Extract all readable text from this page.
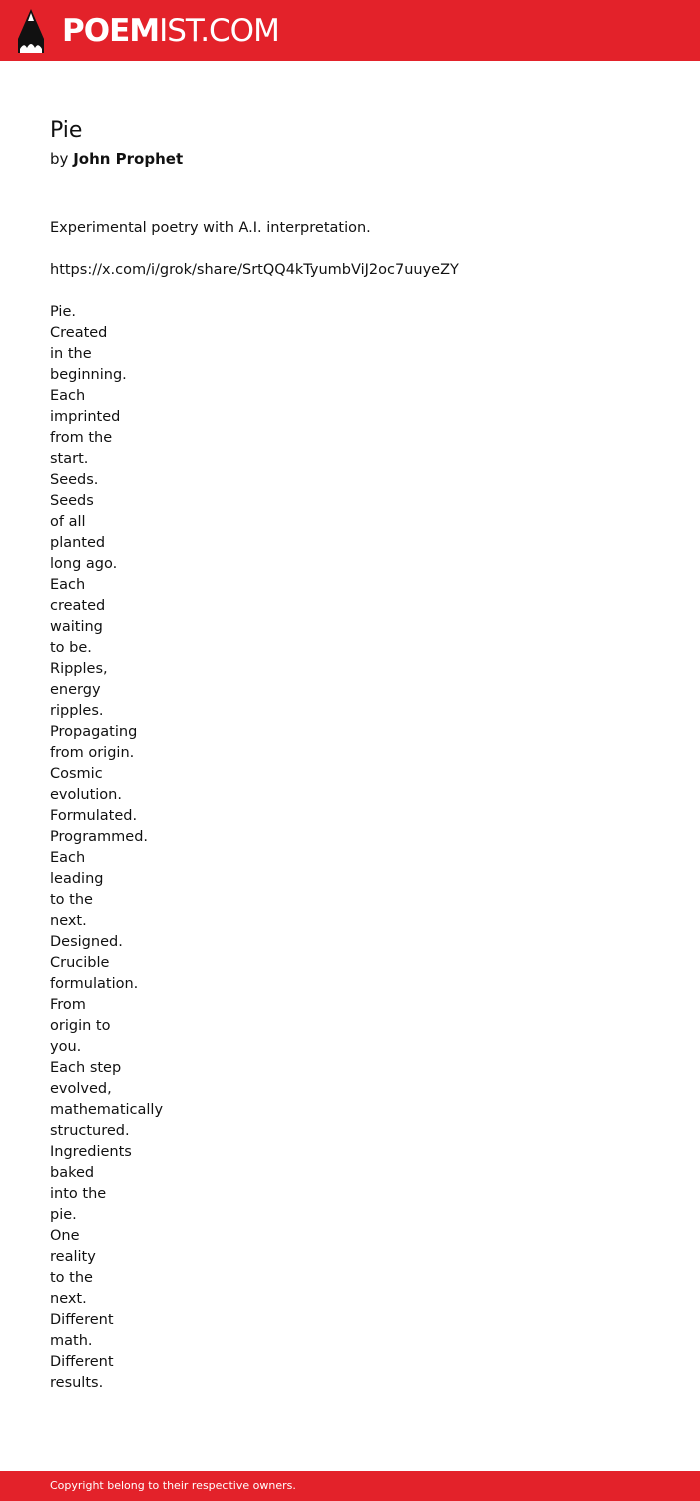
POEMIST.COM
Pie
by John Prophet

Experimental poetry with A.I. interpretation.

https://x.com/i/grok/share/SrtQQ4kTyumbViJ2oc7uuyeZY

Pie.
Created
in the
beginning.
Each
imprinted
from the
start.
Seeds.
Seeds
of all
planted
long ago.
Each
created
waiting
to be.
Ripples,
energy
ripples.
Propagating
from origin.
Cosmic
evolution.
Formulated.
Programmed.
Each
leading
to the
next.
Designed.
Crucible
formulation.
From
origin to
you.
Each step
evolved,
mathematically
structured.
Ingredients
baked
into the
pie.
One
reality
to the
next.
Different
math.
Different
results.
Copyright belong to their respective owners.
